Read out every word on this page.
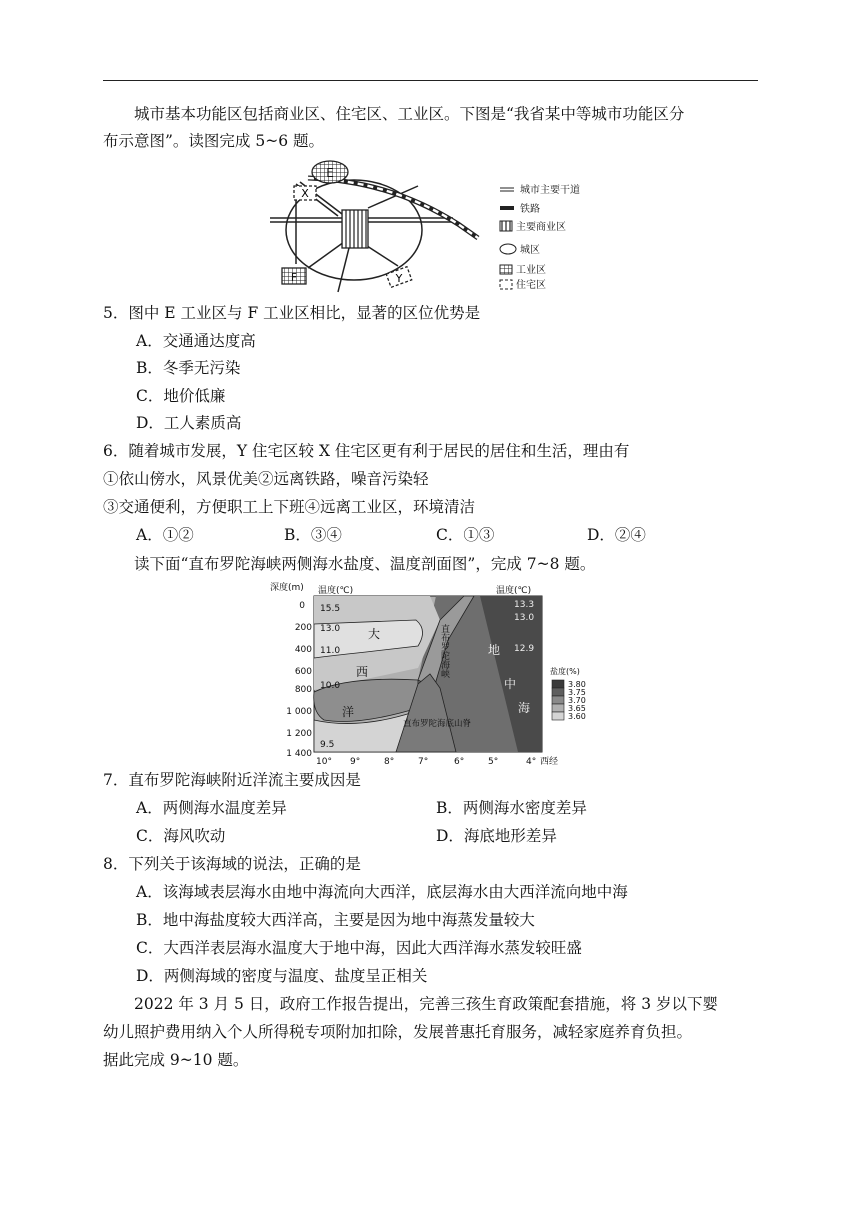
城市基本功能区包括商业区、住宅区、工业区。下图是“我省某中等城市功能区分
布示意图”。读图完成 5~6 题。
E
X
F	Y
城市主要干道
铁路
主要商业区
城区
工业区
住宅区
5．图中 E 工业区与 F 工业区相比，显著的区位优势是
A．交通通达度高
B．冬季无污染
C．地价低廉
D．工人素质高
6．随着城市发展，Y 住宅区较 X 住宅区更有利于居民的居住和生活，理由有
①依山傍水，风景优美②远离铁路，噪音污染轻
③交通便利，方便职工上下班④远离工业区，环境清洁
A．①②	B．③④	C．①③	D．②④
读下面“直布罗陀海峡两侧海水盐度、温度剖面图”，完成 7~8 题。
深度(m)
0
200
400
600
800
1 000
1 200
1 400
温度(℃)	温度(℃)
15.5
13.0
11.0
10.0
9.5
13.3
13.0
12.9
大
西
洋
地
中
海
直布罗陀海峡
直布罗陀海底山脊
10° 9°	8°	7°	6°	5°	4° 西经
盐度(%)
3.80
3.75
3.70
3.65
3.60
7．直布罗陀海峡附近洋流主要成因是
A．两侧海水温度差异	B．两侧海水密度差异
C．海风吹动	D．海底地形差异
8．下列关于该海域的说法，正确的是
A．该海域表层海水由地中海流向大西洋，底层海水由大西洋流向地中海
B．地中海盐度较大西洋高，主要是因为地中海蒸发量较大
C．大西洋表层海水温度大于地中海，因此大西洋海水蒸发较旺盛
D．两侧海域的密度与温度、盐度呈正相关
2022 年 3 月 5 日，政府工作报告提出，完善三孩生育政策配套措施，将 3 岁以下婴
幼儿照护费用纳入个人所得税专项附加扣除，发展普惠托育服务，减轻家庭养育负担。
据此完成 9~10 题。
